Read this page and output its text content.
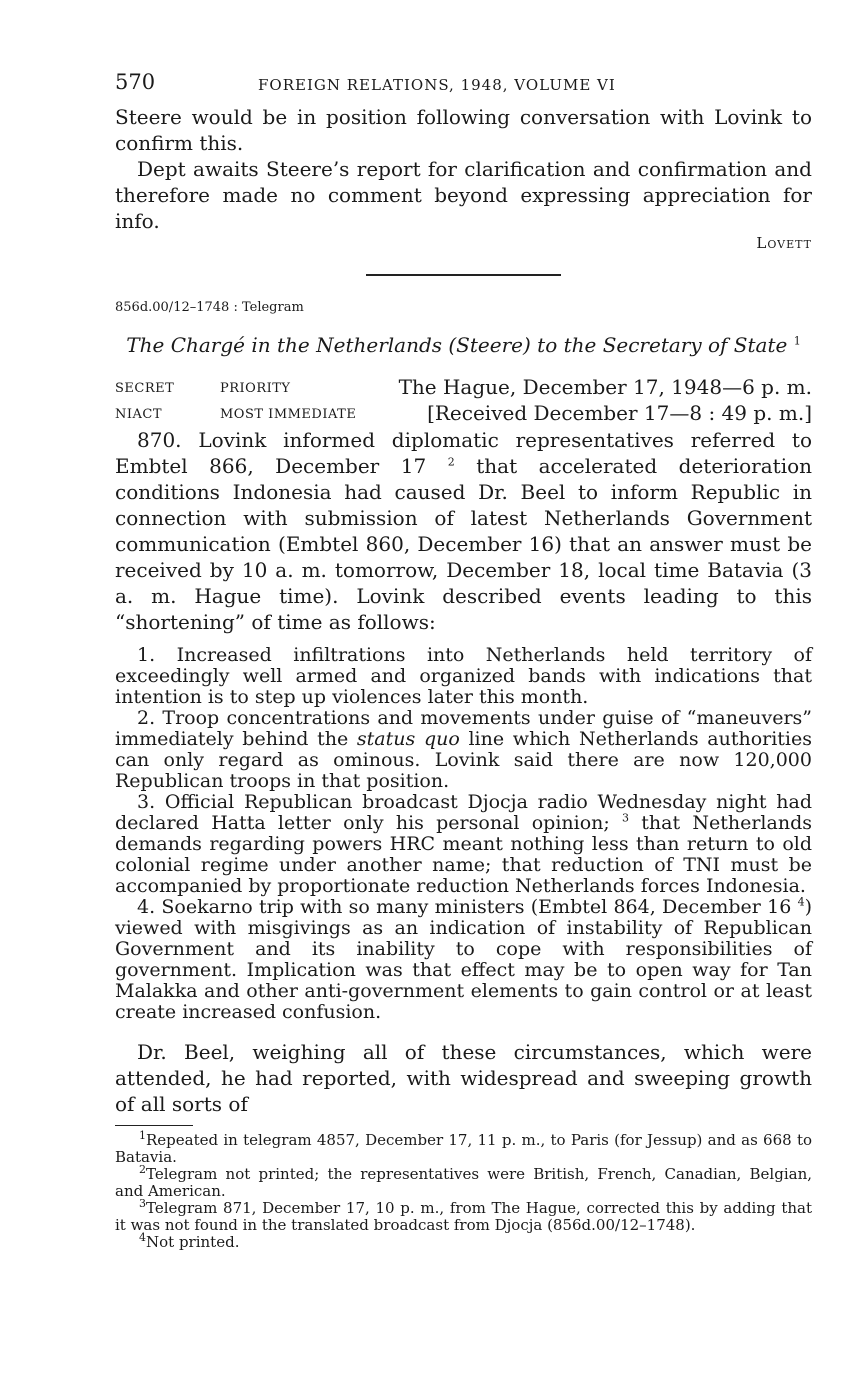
570	FOREIGN RELATIONS, 1948, VOLUME VI

Steere would be in position following conversation with Lovink to confirm this.

Dept awaits Steere’s report for clarification and confirmation and therefore made no comment beyond expressing appreciation for info.

Lovett

856d.00/12–1748 : Telegram

The Chargé in the Netherlands (Steere) to the Secretary of State $^1$

SECRET	PRIORITY	The Hague, December 17, 1948—6 p. m.
NIACT	MOST IMMEDIATE	[Received December 17—8 : 49 p. m.]

870. Lovink informed diplomatic representatives referred to Embtel 866, December 17 $^2$ that accelerated deterioration conditions Indonesia had caused Dr. Beel to inform Republic in connection with submission of latest Netherlands Government communication (Embtel 860, December 16) that an answer must be received by 10 a. m. tomorrow, December 18, local time Batavia (3 a. m. Hague time). Lovink described events leading to this “shortening” of time as follows:

1. Increased infiltrations into Netherlands held territory of exceedingly well armed and organized bands with indications that intention is to step up violences later this month.

2. Troop concentrations and movements under guise of “maneuvers” immediately behind the status quo line which Netherlands authorities can only regard as ominous. Lovink said there are now 120,000 Republican troops in that position.

3. Official Republican broadcast Djocja radio Wednesday night had declared Hatta letter only his personal opinion; $^3$ that Netherlands demands regarding powers HRC meant nothing less than return to old colonial regime under another name; that reduction of TNI must be accompanied by proportionate reduction Netherlands forces Indonesia.

4. Soekarno trip with so many ministers (Embtel 864, December 16 $^4$) viewed with misgivings as an indication of instability of Republican Government and its inability to cope with responsibilities of government. Implication was that effect may be to open way for Tan Malakka and other anti-government elements to gain control or at least create increased confusion.

Dr. Beel, weighing all of these circumstances, which were attended, he had reported, with widespread and sweeping growth of all sorts of

$^1$Repeated in telegram 4857, December 17, 11 p. m., to Paris (for Jessup) and as 668 to Batavia.

$^2$Telegram not printed; the representatives were British, French, Canadian, Belgian, and American.

$^3$Telegram 871, December 17, 10 p. m., from The Hague, corrected this by adding that it was not found in the translated broadcast from Djocja (856d.00/12–1748).

$^4$Not printed.
